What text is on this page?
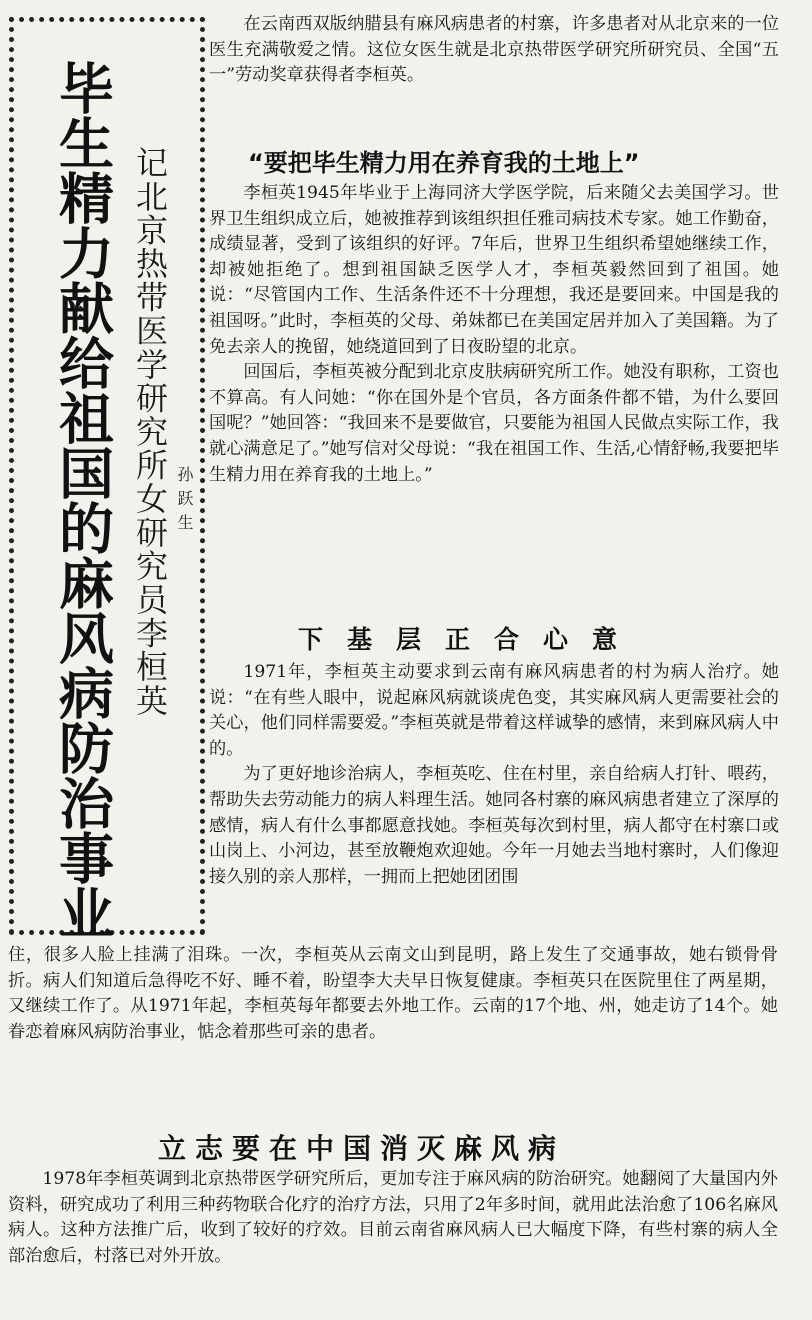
毕生精力献给祖国的麻风病防治事业 记北京热带医学研究所女研究员李桓英 孙跃生

在云南西双版纳腊县有麻风病患者的村寨，许多患者对从北京来的一位医生充满敬爱之情。这位女医生就是北京热带医学研究所研究员、全国“五一”劳动奖章获得者李桓英。

“要把毕生精力用在养育我的土地上”

李桓英1945年毕业于上海同济大学医学院，后来随父去美国学习。世界卫生组织成立后，她被推荐到该组织担任雅司病技术专家。她工作勤奋，成绩显著，受到了该组织的好评。7年后，世界卫生组织希望她继续工作，却被她拒绝了。想到祖国缺乏医学人才，李桓英毅然回到了祖国。她说：“尽管国内工作、生活条件还不十分理想，我还是要回来。中国是我的祖国呀。”此时，李桓英的父母、弟妹都已在美国定居并加入了美国籍。为了免去亲人的挽留，她绕道回到了日夜盼望的北京。

回国后，李桓英被分配到北京皮肤病研究所工作。她没有职称，工资也不算高。有人问她：“你在国外是个官员，各方面条件都不错，为什么要回国呢？”她回答：“我回来不是要做官，只要能为祖国人民做点实际工作，我就心满意足了。”她写信对父母说：“我在祖国工作、生活,心情舒畅,我要把毕生精力用在养育我的土地上。”

下基层正合心意

1971年，李桓英主动要求到云南有麻风病患者的村为病人治疗。她说：“在有些人眼中，说起麻风病就谈虎色变，其实麻风病人更需要社会的关心，他们同样需要爱。”李桓英就是带着这样诚挚的感情，来到麻风病人中的。

为了更好地诊治病人，李桓英吃、住在村里，亲自给病人打针、喂药，帮助失去劳动能力的病人料理生活。她同各村寨的麻风病患者建立了深厚的感情，病人有什么事都愿意找她。李桓英每次到村里，病人都守在村寨口或山岗上、小河边，甚至放鞭炮欢迎她。今年一月她去当地村寨时，人们像迎接久别的亲人那样，一拥而上把她团团围

住，很多人脸上挂满了泪珠。一次，李桓英从云南文山到昆明，路上发生了交通事故，她右锁骨骨折。病人们知道后急得吃不好、睡不着，盼望李大夫早日恢复健康。李桓英只在医院里住了两星期，又继续工作了。从1971年起，李桓英每年都要去外地工作。云南的17个地、州，她走访了14个。她眷恋着麻风病防治事业，惦念着那些可亲的患者。

立志要在中国消灭麻风病

1978年李桓英调到北京热带医学研究所后，更加专注于麻风病的防治研究。她翻阅了大量国内外资料，研究成功了利用三种药物联合化疗的治疗方法，只用了2年多时间，就用此法治愈了106名麻风病人。这种方法推广后，收到了较好的疗效。目前云南省麻风病人已大幅度下降，有些村寨的病人全部治愈后，村落已对外开放。
